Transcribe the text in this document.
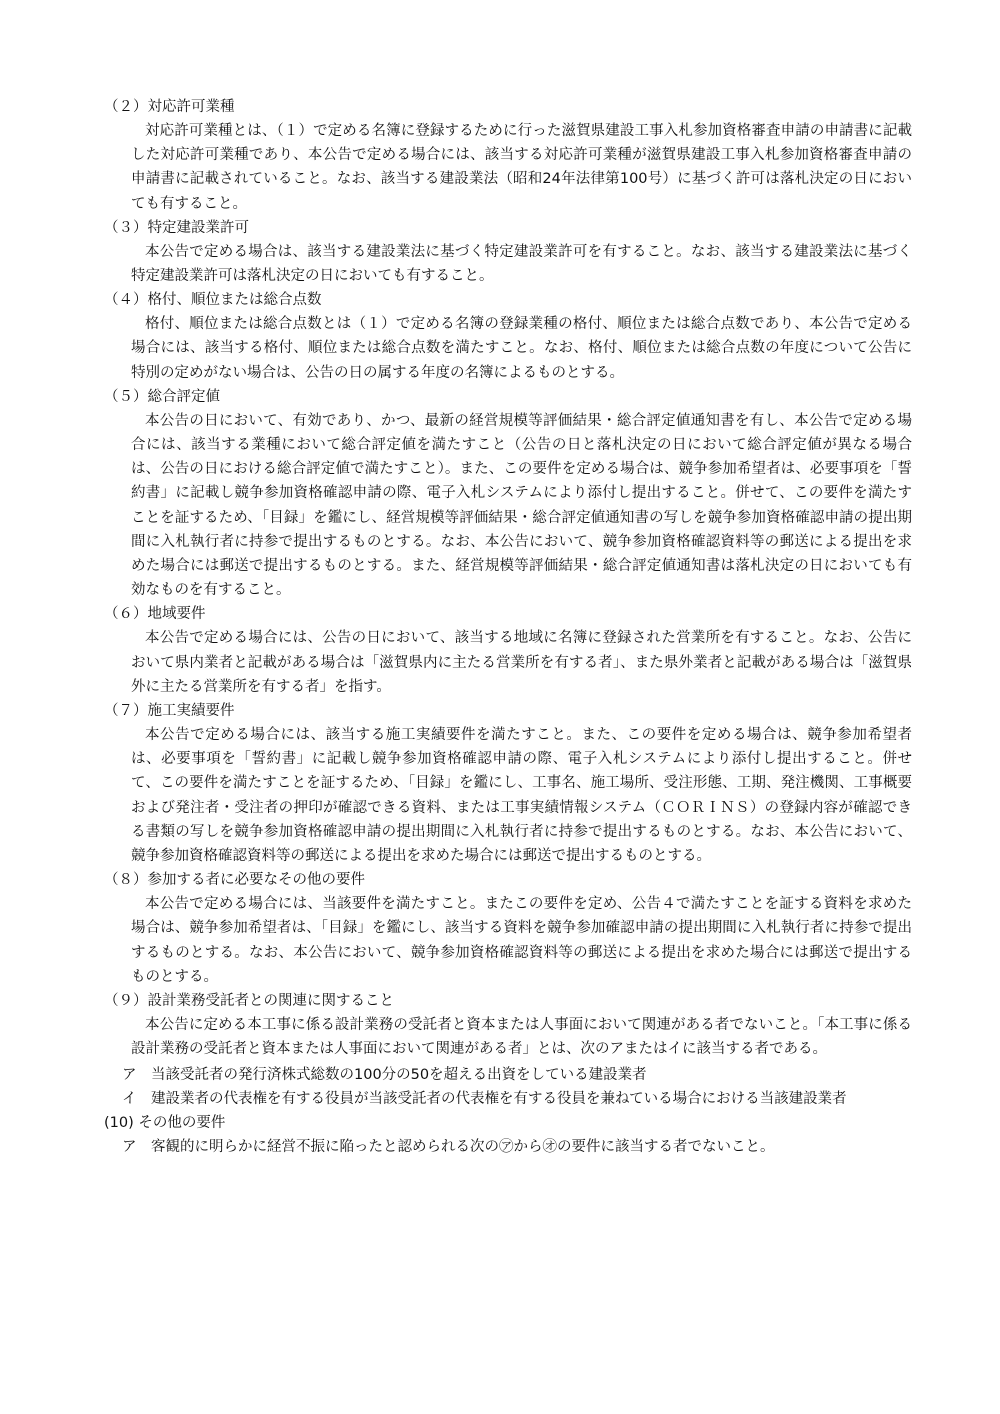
（２）対応許可業種
対応許可業種とは、（１）で定める名簿に登録するために行った滋賀県建設工事入札参加資格審査申請の申請書に記載した対応許可業種であり、本公告で定める場合には、該当する対応許可業種が滋賀県建設工事入札参加資格審査申請の申請書に記載されていること。なお、該当する建設業法（昭和24年法律第100号）に基づく許可は落札決定の日においても有すること。
（３）特定建設業許可
本公告で定める場合は、該当する建設業法に基づく特定建設業許可を有すること。なお、該当する建設業法に基づく特定建設業許可は落札決定の日においても有すること。
（４）格付、順位または総合点数
格付、順位または総合点数とは（１）で定める名簿の登録業種の格付、順位または総合点数であり、本公告で定める場合には、該当する格付、順位または総合点数を満たすこと。なお、格付、順位または総合点数の年度について公告に特別の定めがない場合は、公告の日の属する年度の名簿によるものとする。
（５）総合評定値
本公告の日において、有効であり、かつ、最新の経営規模等評価結果・総合評定値通知書を有し、本公告で定める場合には、該当する業種において総合評定値を満たすこと（公告の日と落札決定の日において総合評定値が異なる場合は、公告の日における総合評定値で満たすこと）。また、この要件を定める場合は、競争参加希望者は、必要事項を「誓約書」に記載し競争参加資格確認申請の際、電子入札システムにより添付し提出すること。併せて、この要件を満たすことを証するため、「目録」を鑑にし、経営規模等評価結果・総合評定値通知書の写しを競争参加資格確認申請の提出期間に入札執行者に持参で提出するものとする。なお、本公告において、競争参加資格確認資料等の郵送による提出を求めた場合には郵送で提出するものとする。また、経営規模等評価結果・総合評定値通知書は落札決定の日においても有効なものを有すること。
（６）地域要件
本公告で定める場合には、公告の日において、該当する地域に名簿に登録された営業所を有すること。なお、公告において県内業者と記載がある場合は「滋賀県内に主たる営業所を有する者」、また県外業者と記載がある場合は「滋賀県外に主たる営業所を有する者」を指す。
（７）施工実績要件
本公告で定める場合には、該当する施工実績要件を満たすこと。また、この要件を定める場合は、競争参加希望者は、必要事項を「誓約書」に記載し競争参加資格確認申請の際、電子入札システムにより添付し提出すること。併せて、この要件を満たすことを証するため、「目録」を鑑にし、工事名、施工場所、受注形態、工期、発注機関、工事概要および発注者・受注者の押印が確認できる資料、または工事実績情報システム（ＣＯＲＩＮＳ）の登録内容が確認できる書類の写しを競争参加資格確認申請の提出期間に入札執行者に持参で提出するものとする。なお、本公告において、競争参加資格確認資料等の郵送による提出を求めた場合には郵送で提出するものとする。
（８）参加する者に必要なその他の要件
本公告で定める場合には、当該要件を満たすこと。またこの要件を定め、公告４で満たすことを証する資料を求めた場合は、競争参加希望者は、「目録」を鑑にし、該当する資料を競争参加確認申請の提出期間に入札執行者に持参で提出するものとする。なお、本公告において、競争参加資格確認資料等の郵送による提出を求めた場合には郵送で提出するものとする。
（９）設計業務受託者との関連に関すること
本公告に定める本工事に係る設計業務の受託者と資本または人事面において関連がある者でないこと。「本工事に係る設計業務の受託者と資本または人事面において関連がある者」とは、次のアまたはイに該当する者である。
ア　当該受託者の発行済株式総数の100分の50を超える出資をしている建設業者
イ　建設業者の代表権を有する役員が当該受託者の代表権を有する役員を兼ねている場合における当該建設業者
(10) その他の要件
ア　客観的に明らかに経営不振に陥ったと認められる次の㋐から㋔の要件に該当する者でないこと。
